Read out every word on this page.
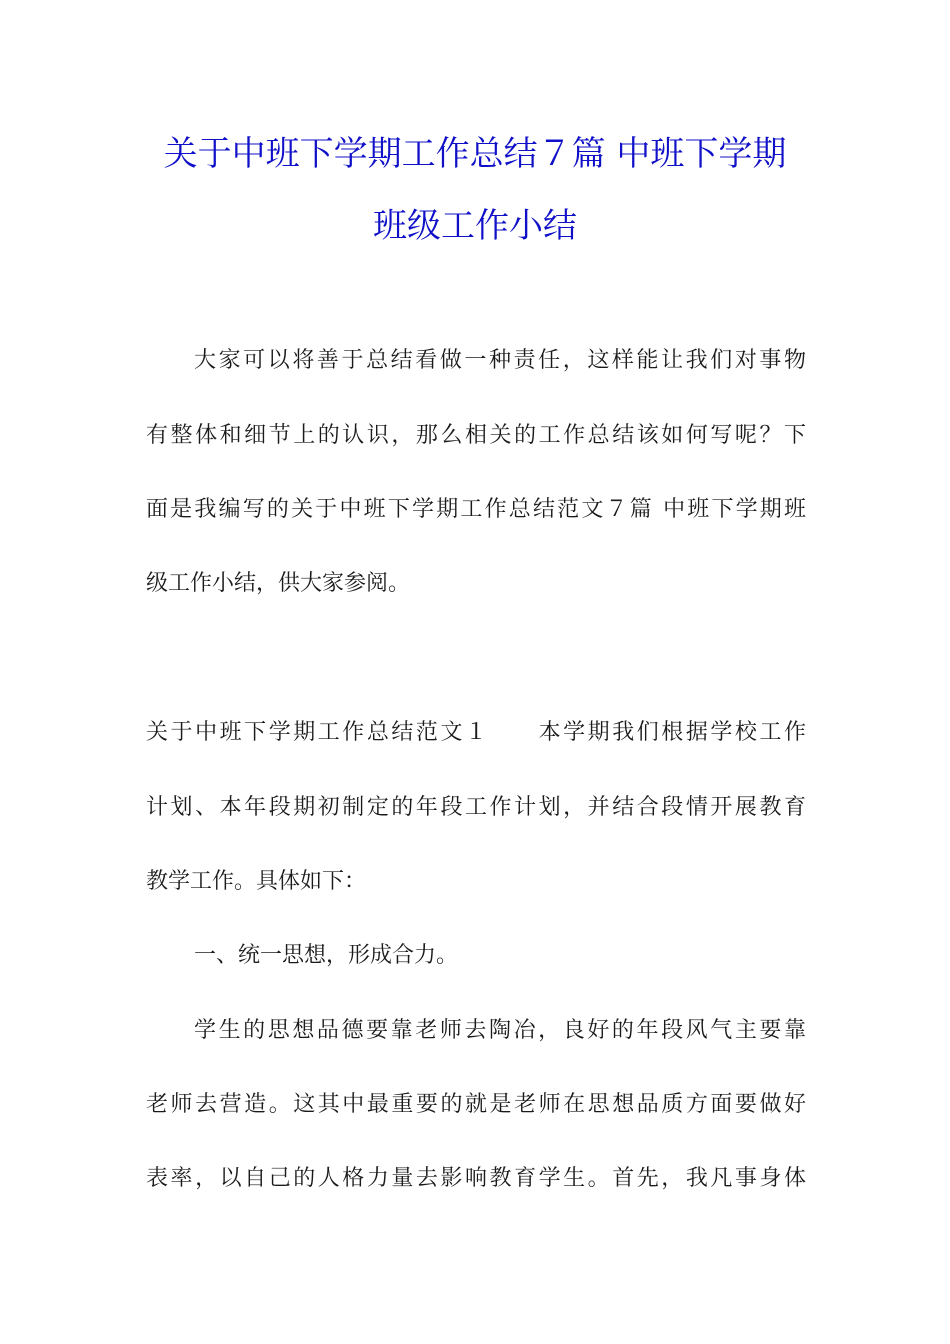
关于中班下学期工作总结７篇 中班下学期
班级工作小结

大家可以将善于总结看做一种责任，这样能让我们对事物

有整体和细节上的认识，那么相关的工作总结该如何写呢？下

面是我编写的关于中班下学期工作总结范文７篇 中班下学期班

级工作小结，供大家参阅。

关于中班下学期工作总结范文１　　本学期我们根据学校工作

计划、本年段期初制定的年段工作计划，并结合段情开展教育

教学工作。具体如下：

一、统一思想，形成合力。

学生的思想品德要靠老师去陶冶，良好的年段风气主要靠

老师去营造。这其中最重要的就是老师在思想品质方面要做好

表率，以自己的人格力量去影响教育学生。首先，我凡事身体
